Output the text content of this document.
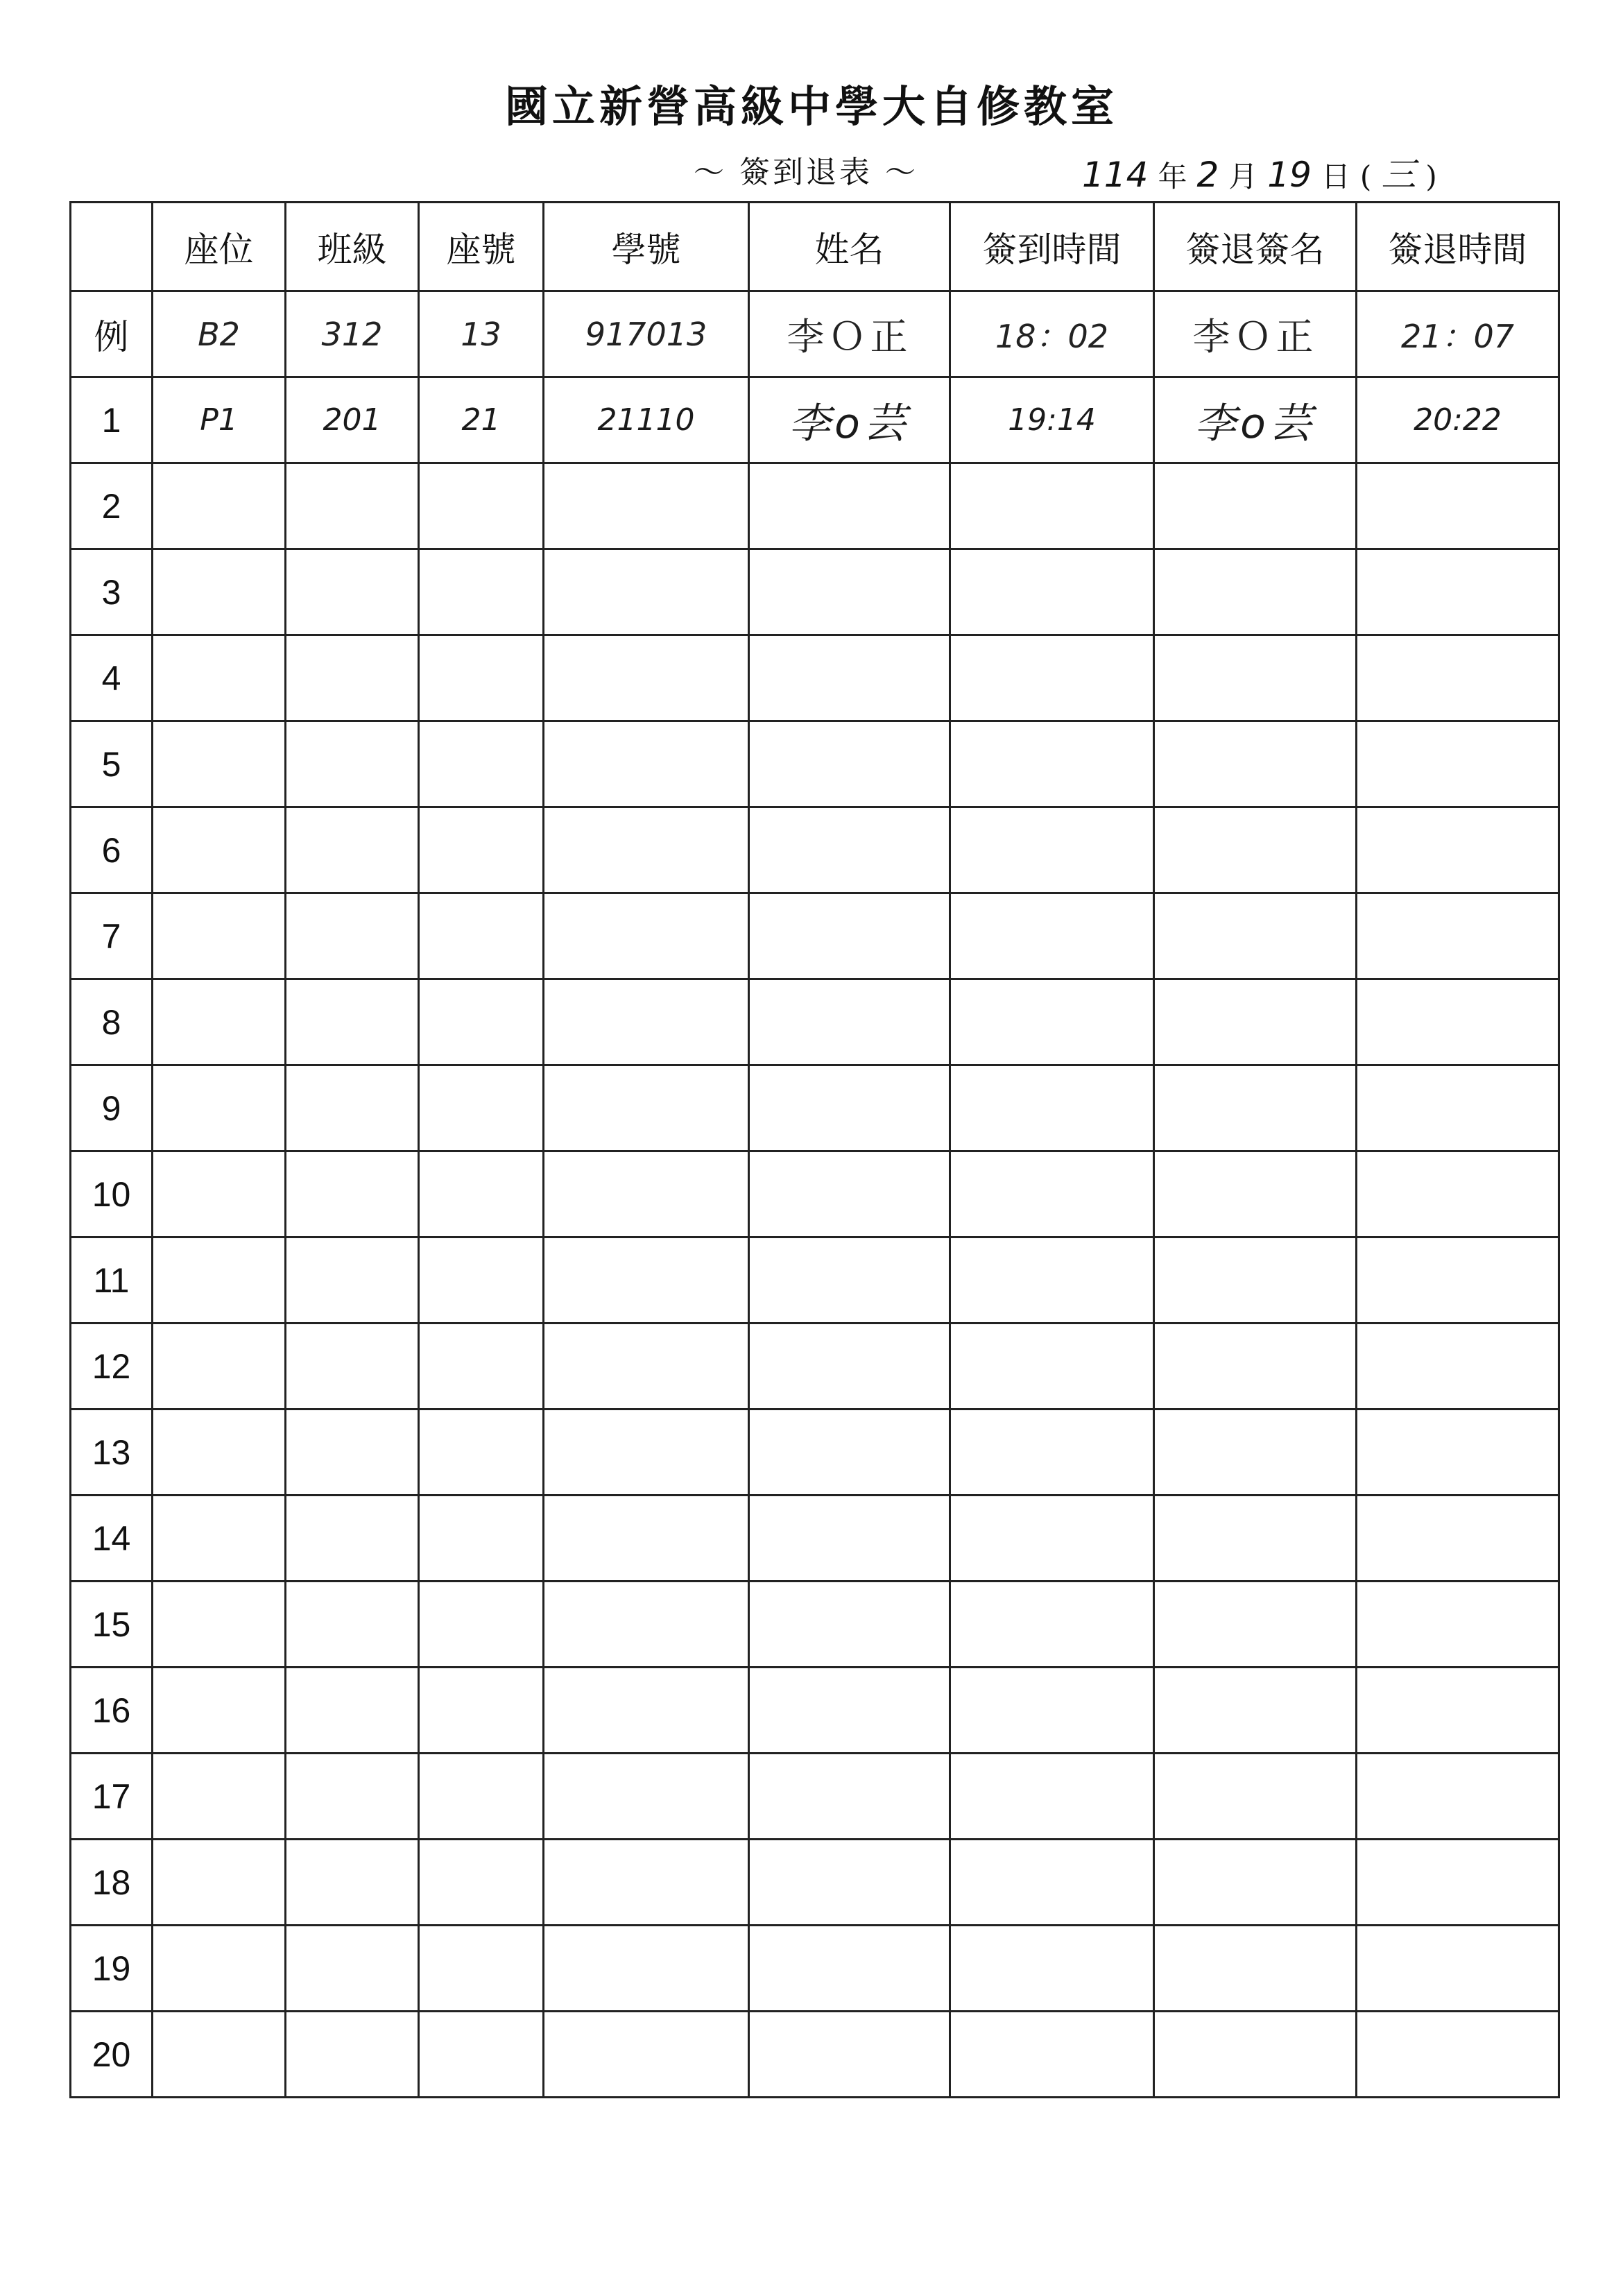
國立新營高級中學大自修教室
～ 簽到退表 ～	114 年 2 月 19 日 ( 三 )
	座位	班級	座號	學號	姓名	簽到時間	簽退簽名	簽退時間
例	B2	312	13	917013	李Ｏ正	18：02	李Ｏ正	21：07
1	P1	201	21	21110	李o芸	19:14	李o芸	20:22
2								
3								
4								
5								
6								
7								
8								
9								
10								
11								
12								
13								
14								
15								
16								
17								
18								
19								
20								
